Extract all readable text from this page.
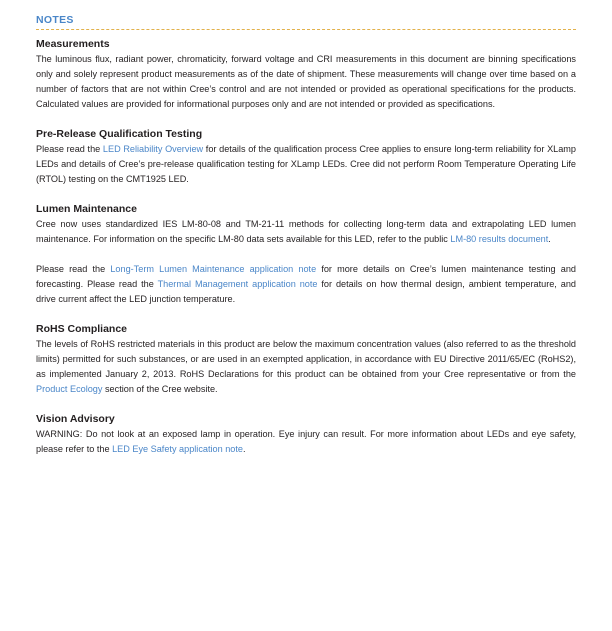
NOTES
Measurements

The luminous flux, radiant power, chromaticity, forward voltage and CRI measurements in this document are binning specifications only and solely represent product measurements as of the date of shipment. These measurements will change over time based on a number of factors that are not within Cree’s control and are not intended or provided as operational specifications for the products. Calculated values are provided for informational purposes only and are not intended or provided as specifications.

Pre-Release Qualification Testing

Please read the LED Reliability Overview for details of the qualification process Cree applies to ensure long-term reliability for XLamp LEDs and details of Cree’s pre-release qualification testing for XLamp LEDs. Cree did not perform Room Temperature Operating Life (RTOL) testing on the CMT1925 LED.

Lumen Maintenance

Cree now uses standardized IES LM-80-08 and TM-21-11 methods for collecting long-term data and extrapolating LED lumen maintenance. For information on the specific LM-80 data sets available for this LED, refer to the public LM-80 results document.

Please read the Long-Term Lumen Maintenance application note for more details on Cree’s lumen maintenance testing and forecasting. Please read the Thermal Management application note for details on how thermal design, ambient temperature, and drive current affect the LED junction temperature.

RoHS Compliance

The levels of RoHS restricted materials in this product are below the maximum concentration values (also referred to as the threshold limits) permitted for such substances, or are used in an exempted application, in accordance with EU Directive 2011/65/EC (RoHS2), as implemented January 2, 2013. RoHS Declarations for this product can be obtained from your Cree representative or from the Product Ecology section of the Cree website.

Vision Advisory

WARNING: Do not look at an exposed lamp in operation. Eye injury can result. For more information about LEDs and eye safety, please refer to the LED Eye Safety application note.
